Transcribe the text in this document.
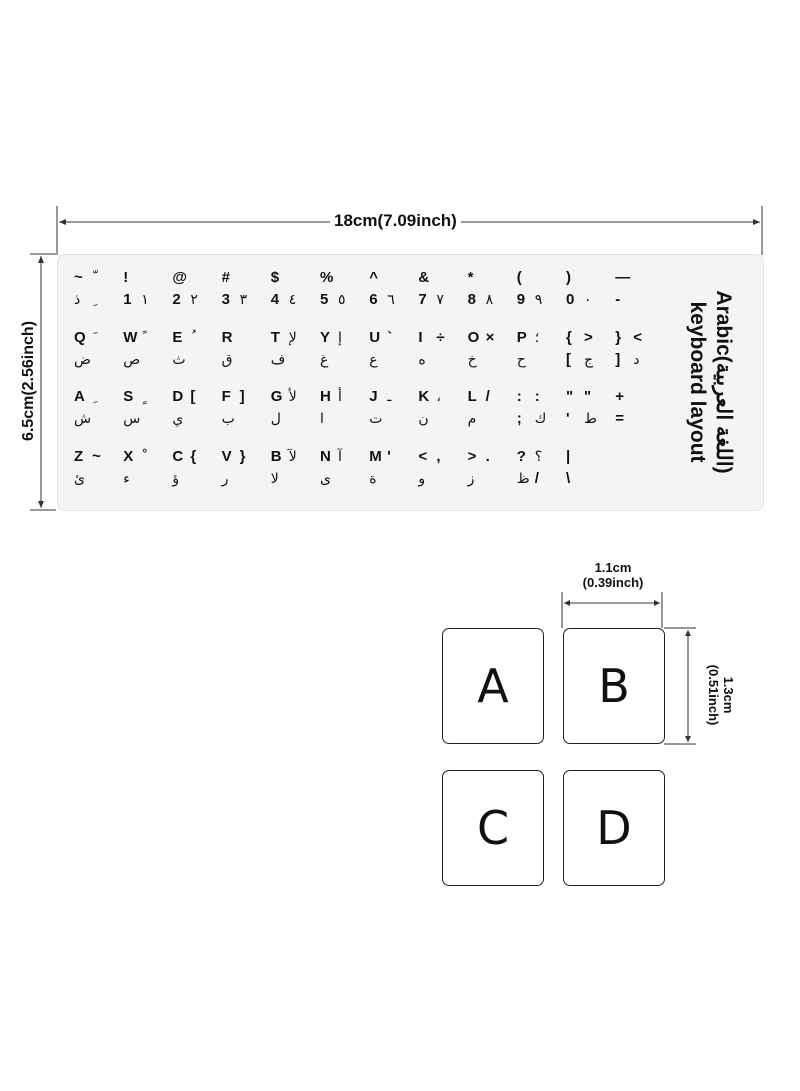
18cm(7.09inch)
6.5cm(2.56inch)
~
ذ
!
1 ١
@
2 ٢
#
3 ٣
$
4 ٤
%
5 ٥
^
6 ٦
&
7 ٧
*
8 ٨
(
9 ٩
)
0 ٠
—
-
Q
ض
W
ص
E
ث
R
ق
T لإ
ف
Y إ
غ
U `
ع
I ÷
ه
O ×
خ
P ؛
ح
{ >
[ ج
} <
] د
A
ش
S
س
D [
ي
F ]
ب
G لأ
ل
H أ
ا
J ـ
ت
K ،
ن
L /
م
: :
; ك
" "
' ط
+
=
Z ~
ئ
X
ء
C {
ؤ
V }
ر
B لآ
لا
N آ
ى
M '
ة
< ,
و
> .
ز
? ؟
ظ /
|
\
Arabic(اللغة العربية)
keyboard layout
A	B
C	D
1.1cm
(0.39inch)
1.3cm
(0.51inch)
